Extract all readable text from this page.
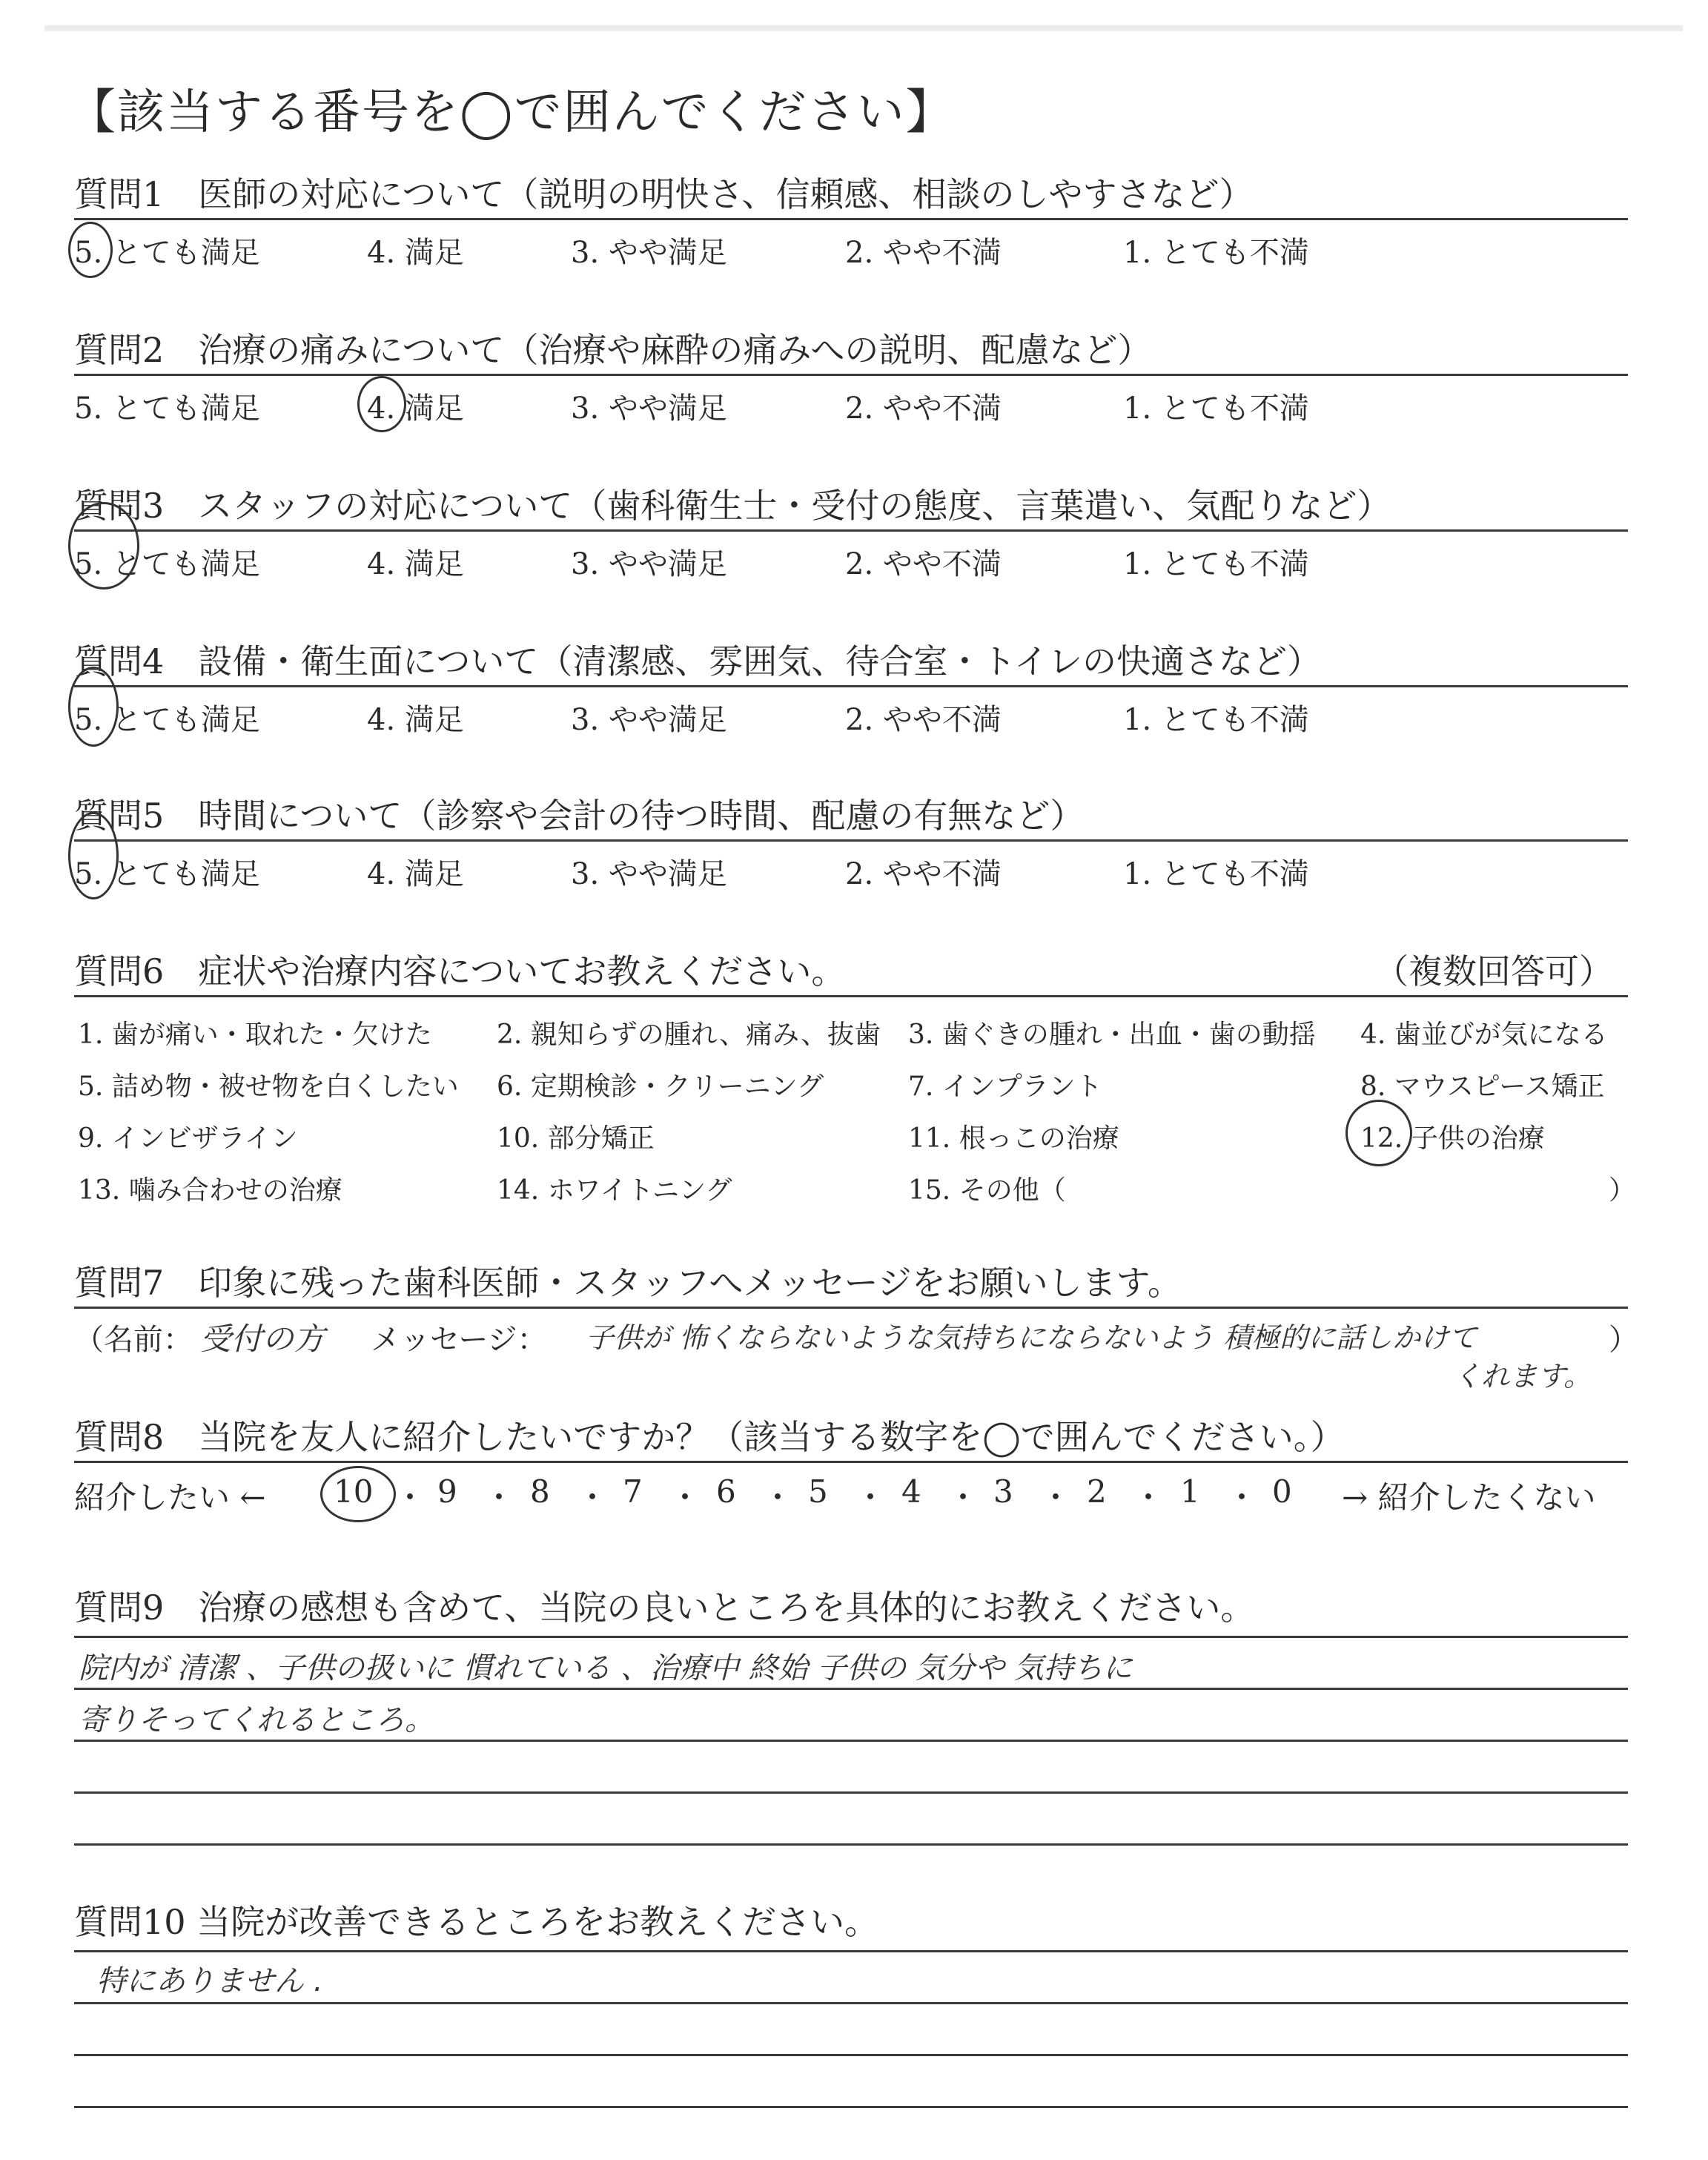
【該当する番号を◯で囲んでください】
質問1　医師の対応について（説明の明快さ、信頼感、相談のしやすさなど）
5. とても満足	4. 満足	3. やや満足	2. やや不満	1. とても不満
質問2　治療の痛みについて（治療や麻酔の痛みへの説明、配慮など）
5. とても満足	4. 満足	3. やや満足	2. やや不満	1. とても不満
質問3　スタッフの対応について（歯科衛生士・受付の態度、言葉遣い、気配りなど）
5. とても満足	4. 満足	3. やや満足	2. やや不満	1. とても不満
質問4　設備・衛生面について（清潔感、雰囲気、待合室・トイレの快適さなど）
5. とても満足	4. 満足	3. やや満足	2. やや不満	1. とても不満
質問5　時間について（診察や会計の待つ時間、配慮の有無など）
5. とても満足	4. 満足	3. やや満足	2. やや不満	1. とても不満
質問6　症状や治療内容についてお教えください。	（複数回答可）
1. 歯が痛い・取れた・欠けた 2. 親知らずの腫れ、痛み、抜歯 3. 歯ぐきの腫れ・出血・歯の動揺 4. 歯並びが気になる
5. 詰め物・被せ物を白くしたい 6. 定期検診・クリーニング	7. インプラント	8. マウスピース矯正
9. インビザライン	10. 部分矯正	11. 根っこの治療	12. 子供の治療
13. 噛み合わせの治療	14. ホワイトニング	15. その他（	）
質問7　印象に残った歯科医師・スタッフへメッセージをお願いします。
（名前： 受付の方 メッセージ： 子供が 怖くならないような気持ちにならないよう 積極的に話しかけて
くれます。
）
質問8　当院を友人に紹介したいですか？（該当する数字を◯で囲んでください。）
紹介したい ← 10 ・ 9 ・ 8 ・ 7 ・ 6 ・ 5 ・ 4 ・ 3 ・ 2 ・ 1 ・ 0 → 紹介したくない
質問9　治療の感想も含めて、当院の良いところを具体的にお教えください。
院内が 清潔 、子供の扱いに 慣れている 、治療中 終始 子供の 気分や 気持ちに
寄りそってくれるところ。
質問10 当院が改善できるところをお教えください。
特にありません .
